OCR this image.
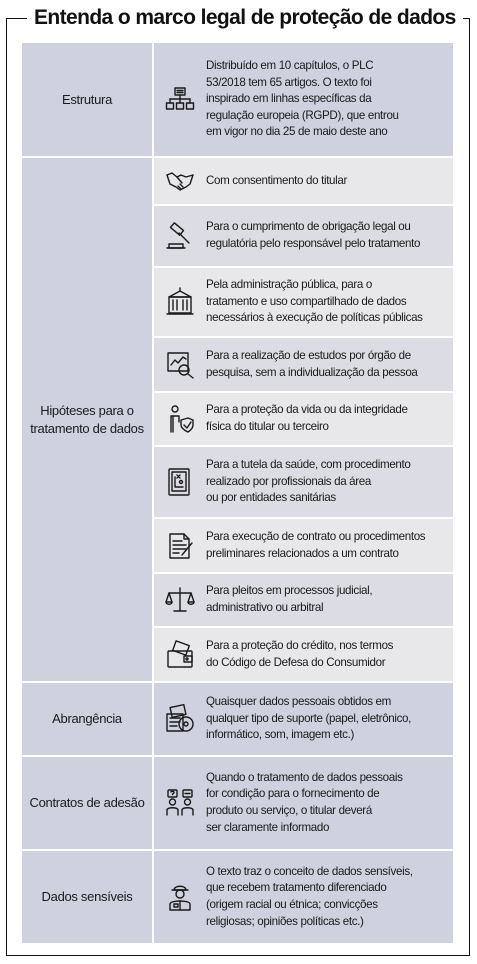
Entenda o marco legal de proteção de dados
Estrutura
Distribuído em 10 capítulos, o PLC
53/2018 tem 65 artigos. O texto foi
inspirado em linhas específicas da
regulação europeia (RGPD), que entrou
em vigor no dia 25 de maio deste ano
Hipóteses para o
tratamento de dados
Com consentimento do titular
Para o cumprimento de obrigação legal ou
regulatória pelo responsável pelo tratamento
Pela administração pública, para o
tratamento e uso compartilhado de dados
necessários à execução de políticas públicas
Para a realização de estudos por órgão de
pesquisa, sem a individualização da pessoa
Para a proteção da vida ou da integridade
física do titular ou terceiro
Para a tutela da saúde, com procedimento
realizado por profissionais da área
ou por entidades sanitárias
Para execução de contrato ou procedimentos
preliminares relacionados a um contrato
Para pleitos em processos judicial,
administrativo ou arbitral
Para a proteção do crédito, nos termos
do Código de Defesa do Consumidor
Abrangência
Quaisquer dados pessoais obtidos em
qualquer tipo de suporte (papel, eletrônico,
informático, som, imagem etc.)
Contratos de adesão
Quando o tratamento de dados pessoais
for condição para o fornecimento de
produto ou serviço, o titular deverá
ser claramente informado
Dados sensíveis
O texto traz o conceito de dados sensíveis,
que recebem tratamento diferenciado
(origem racial ou étnica; convicções
religiosas; opiniões políticas etc.)
